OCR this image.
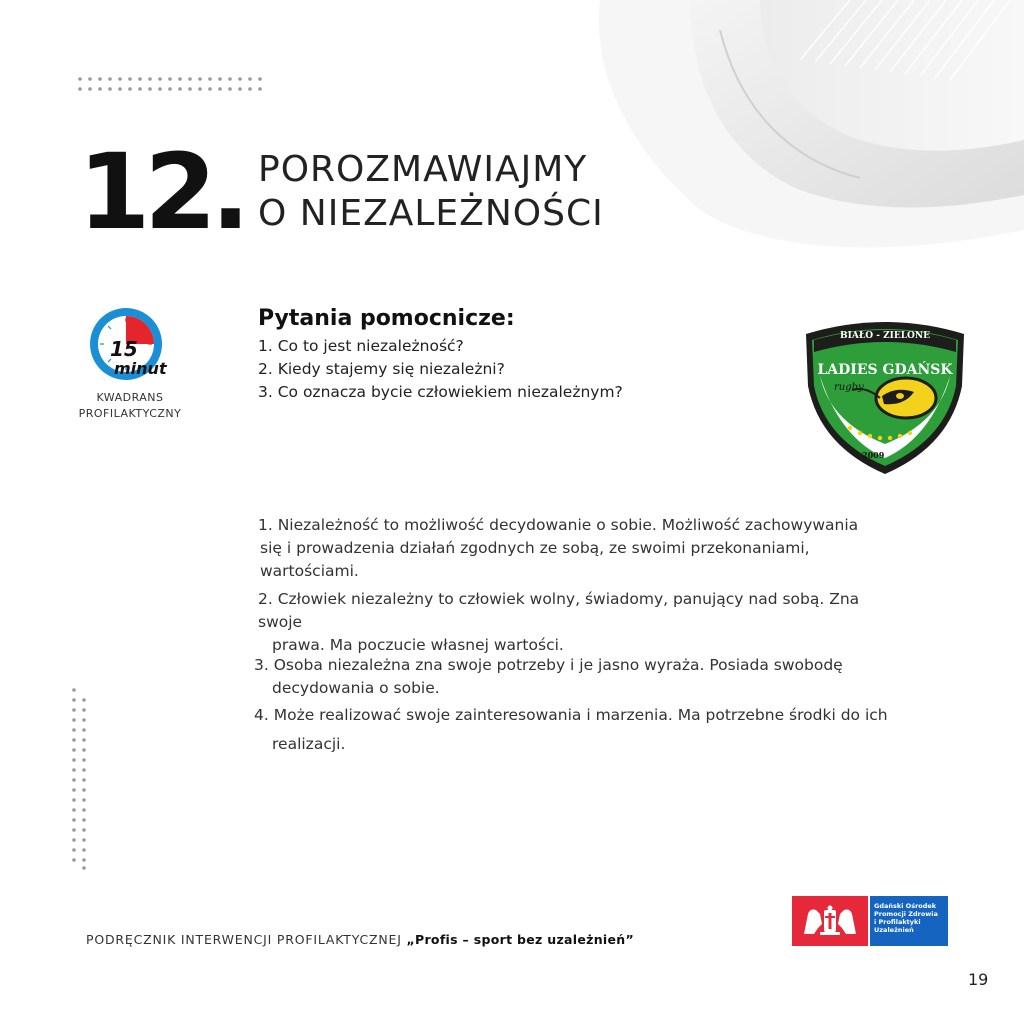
12. POROZMAWIAJMY
O NIEZALEŻNOŚCI
15
minut
KWADRANS
PROFILAKTYCZNY
Pytania pomocnicze:
1. Co to jest niezależność?
2. Kiedy stajemy się niezależni?
3. Co oznacza bycie człowiekiem niezależnym?
BIAŁO - ZIELONE
LADIES GDAŃSK
rugby
2009
1. Niezależność to możliwość decydowanie o sobie. Możliwość zachowywania
się i prowadzenia działań zgodnych ze sobą, ze swoimi przekonaniami,
wartościami.
2. Człowiek niezależny to człowiek wolny, świadomy, panujący nad sobą. Zna
swoje
prawa. Ma poczucie własnej wartości.
3. Osoba niezależna zna swoje potrzeby i je jasno wyraża. Posiada swobodę
decydowania o sobie.
4. Może realizować swoje zainteresowania i marzenia. Ma potrzebne środki do ich
realizacji.
PODRĘCZNIK INTERWENCJI PROFILAKTYCZNEJ „Profis – sport bez uzależnień”
Gdański Ośrodek
Promocji Zdrowia
i Profilaktyki
Uzależnień
19
